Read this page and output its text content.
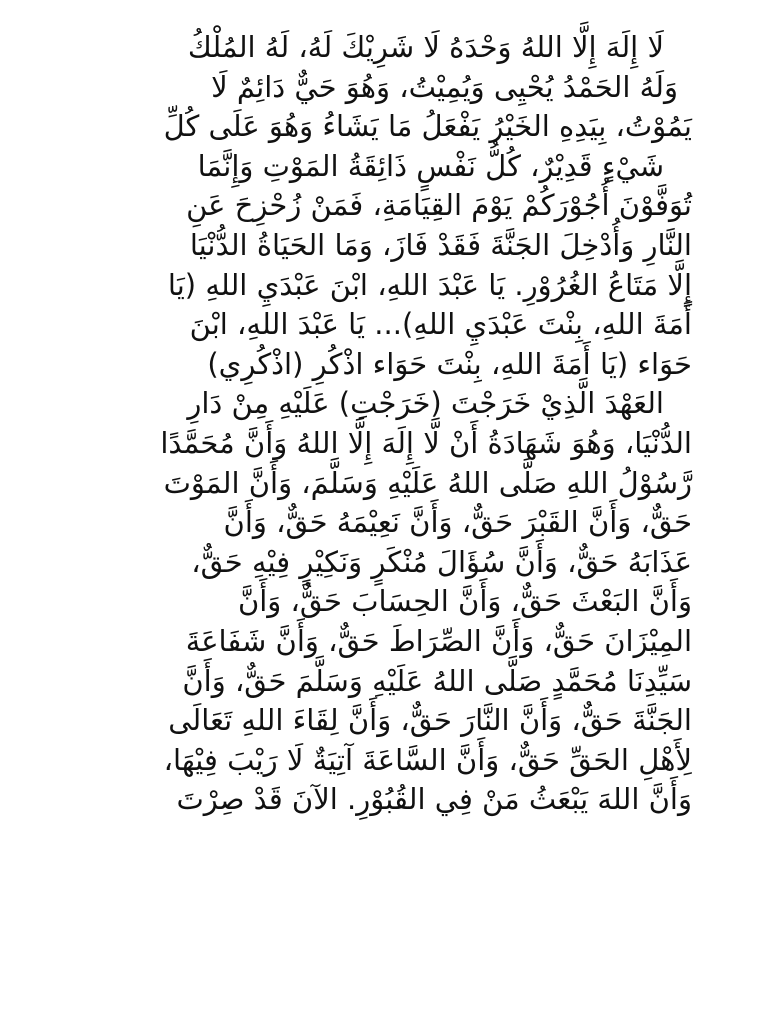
لَا إِلَهَ إِلَّا اللهُ وَحْدَهُ لَا شَرِيْكَ لَهُ، لَهُ المُلْكُ
وَلَهُ الحَمْدُ يُحْيِى وَيُمِيْتُ، وَهُوَ حَيٌّ دَائِمٌ لَا
يَمُوْتُ، بِيَدِهِ الخَيْرُ يَفْعَلُ مَا يَشَاءُ وَهُوَ عَلَى كُلِّ
شَيْءٍ قَدِيْرٌ، كُلُّ نَفْسٍ ذَائِقَةُ المَوْتِ وَإِنَّمَا
تُوَفَّوْنَ أُجُوْرَكُمْ يَوْمَ القِيَامَةِ، فَمَنْ زُحْزِحَ عَنِ
النَّارِ وَأُدْخِلَ الجَنَّةَ فَقَدْ فَازَ، وَمَا الحَيَاةُ الدُّنْيَا
إِلَّا مَتَاعُ الغُرُوْرِ. يَا عَبْدَ اللهِ، ابْنَ عَبْدَيِ اللهِ (يَا
أَمَةَ اللهِ، بِنْتَ عَبْدَيِ اللهِ)... يَا عَبْدَ اللهِ، ابْنَ
حَوَاء (يَا أَمَةَ اللهِ، بِنْتَ حَوَاء اذْكُرِ (اذْكُرِي)
العَهْدَ الَّذِيْ خَرَجْتَ (خَرَجْتِ) عَلَيْهِ مِنْ دَارِ
الدُّنْيَا، وَهُوَ شَهَادَةُ أَنْ لَّا إِلَهَ إِلَّا اللهُ وَأَنَّ مُحَمَّدًا
رَّسُوْلُ اللهِ صَلَّى اللهُ عَلَيْهِ وَسَلَّمَ، وَأَنَّ المَوْتَ
حَقٌّ، وَأَنَّ القَبْرَ حَقٌّ، وَأَنَّ نَعِيْمَهُ حَقٌّ، وَأَنَّ
عَذَابَهُ حَقٌّ، وَأَنَّ سُؤَالَ مُنْكَرٍ وَنَكِيْرٍ فِيْهِ حَقٌّ،
وَأَنَّ البَعْثَ حَقٌّ، وَأَنَّ الحِسَابَ حَقٌّ، وَأَنَّ
المِيْزَانَ حَقٌّ، وَأَنَّ الصِّرَاطَ حَقٌّ، وَأَنَّ شَفَاعَةَ
سَيِّدِنَا مُحَمَّدٍ صَلَّى اللهُ عَلَيْهِ وَسَلَّمَ حَقٌّ، وَأَنَّ
الجَنَّةَ حَقٌّ، وَأَنَّ النَّارَ حَقٌّ، وَأَنَّ لِقَاءَ اللهِ تَعَالَى
لِأَهْلِ الحَقِّ حَقٌّ، وَأَنَّ السَّاعَةَ آتِيَةٌ لَا رَيْبَ فِيْهَا،
وَأَنَّ اللهَ يَبْعَثُ مَنْ فِي القُبُوْرِ. الآنَ قَدْ صِرْتَ
